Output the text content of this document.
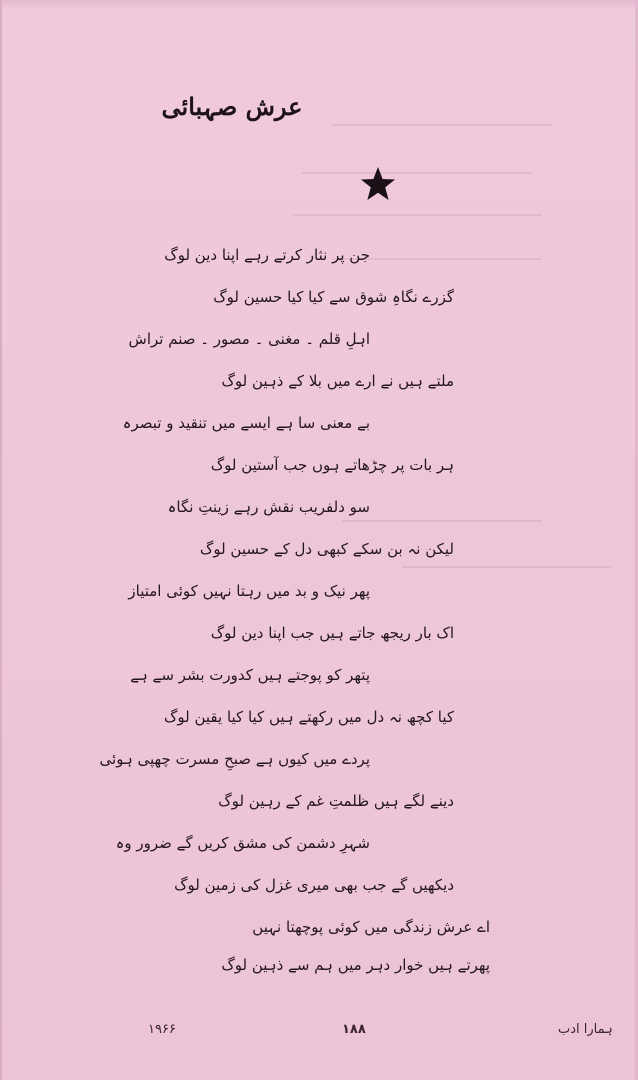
عرش صہبائی
جن پر نثار کرتے رہے اپنا دین لوگ
گزرے نگاہِ شوق سے کیا کیا حسین لوگ
اہلِ قلم ۔ مغنی ۔ مصور ۔ صنم تراش
ملتے ہیں نے ارے میں بلا کے ذہین لوگ
بے معنی سا ہے ایسے میں تنقید و تبصرہ
ہر بات پر چڑھاتے ہوں جب آستین لوگ
سو دلفریب نقش رہے زینتِ نگاہ
لیکن نہ بن سکے کبھی دل کے حسین لوگ
پھر نیک و بد میں رہتا نہیں کوئی امتیاز
اک بار ریجھ جاتے ہیں جب اپنا دین لوگ
پتھر کو پوجتے ہیں کدورت بشر سے ہے
کیا کچھ نہ دل میں رکھتے ہیں کیا کیا یقین لوگ
پردے میں کیوں ہے صبحِ مسرت چھپی ہوئی
دینے لگے ہیں ظلمتِ غم کے رہین لوگ
شہرِ دشمن کی مشق کریں گے ضرور وہ
دیکھیں گے جب بھی میری غزل کی زمین لوگ
اے عرش زندگی میں کوئی پوچھتا نہیں
پھرتے ہیں خوار دہر میں ہم سے ذہین لوگ
۱۹۶۶	۱۸۸	ہمارا ادب
